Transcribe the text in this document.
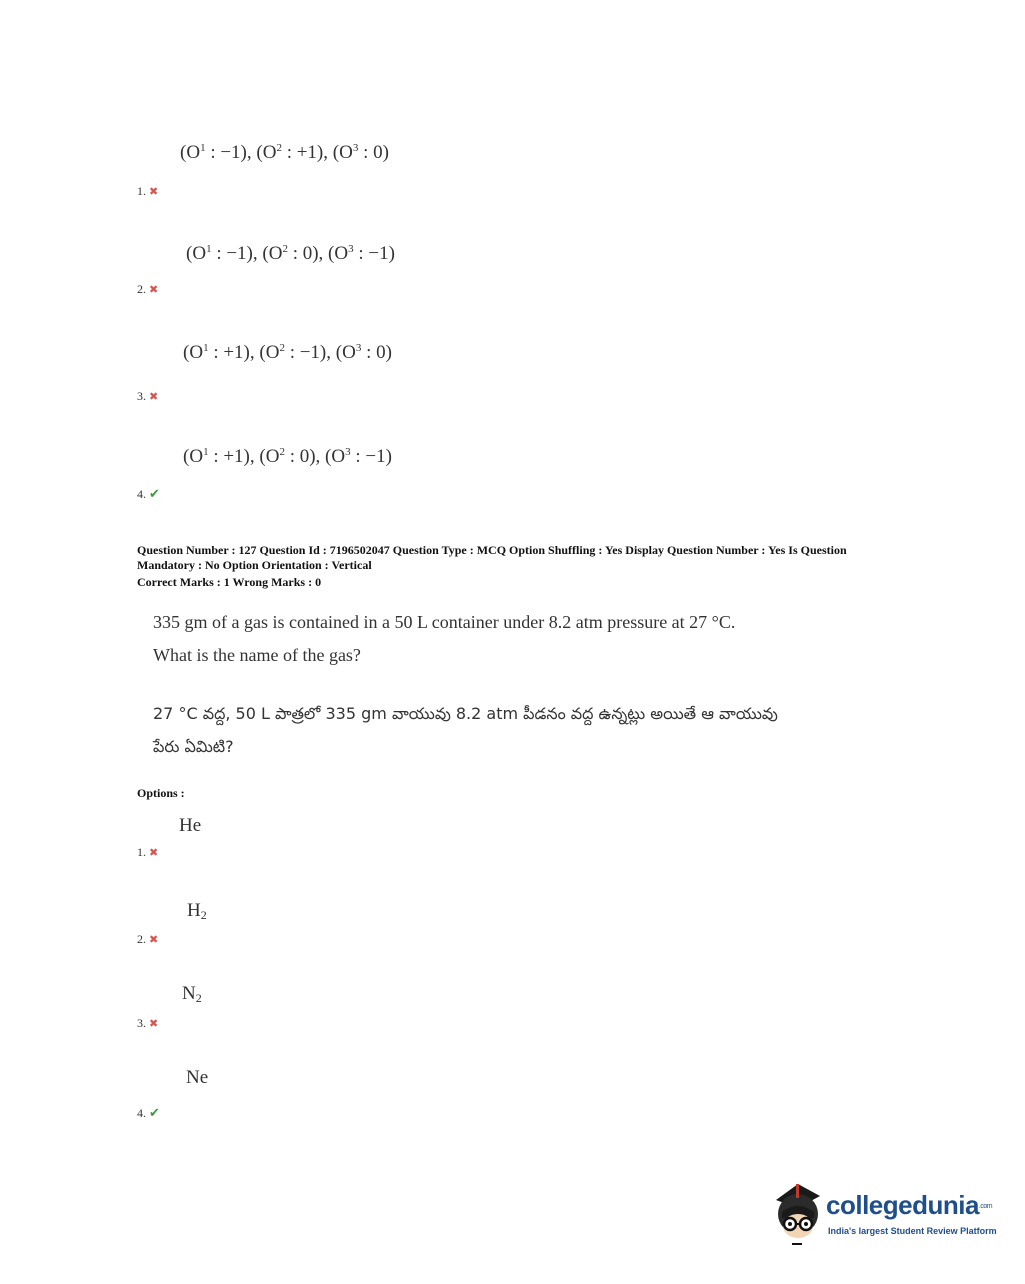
($O^1$ : −1), ($O^2$ : +1), ($O^3$ : 0)
1. ✖
($O^1$ : −1), ($O^2$ : 0), ($O^3$ : −1)
2. ✖
($O^1$ : +1), ($O^2$ : −1), ($O^3$ : 0)
3. ✖
($O^1$ : +1), ($O^2$ : 0), ($O^3$ : −1)
4. ✔
Question Number : 127 Question Id : 7196502047 Question Type : MCQ Option Shuffling : Yes Display Question Number : Yes Is Question
Mandatory : No Option Orientation : Vertical
Correct Marks : 1 Wrong Marks : 0
335 gm of a gas is contained in a 50 L container under 8.2 atm pressure at 27 °C.
What is the name of the gas?
27 °C వద్ద, 50 L పాత్రలో 335 gm వాయువు 8.2 atm పీడనం వద్ద ఉన్నట్లు అయితే ఆ వాయువు
పేరు ఏమిటి?
Options :
He
1. ✖
$H_2$
2. ✖
$N_2$
3. ✖
Ne
4. ✔
collegedunia$^{.com}$
India's largest Student Review Platform
